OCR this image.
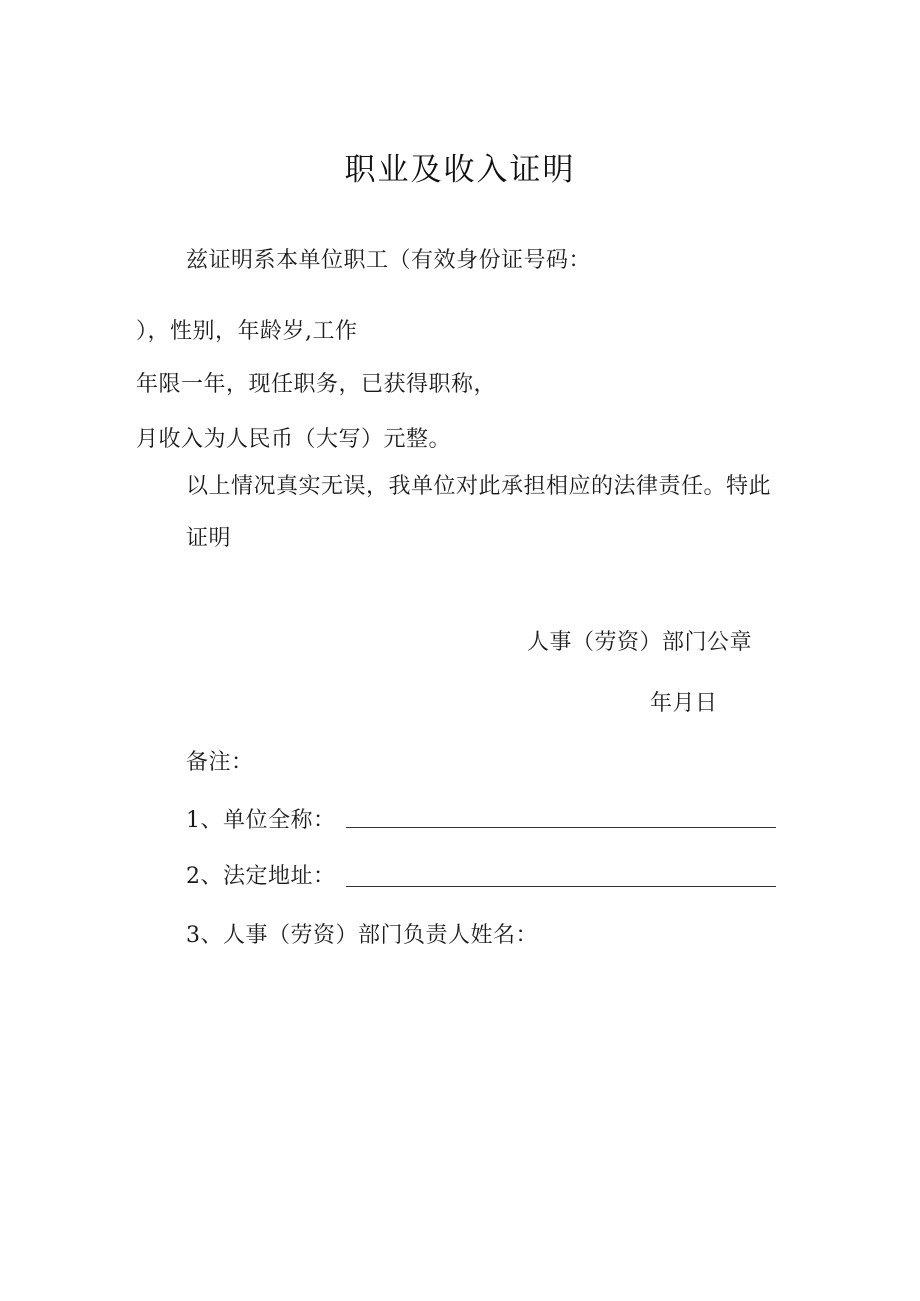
职业及收入证明
兹证明系本单位职工（有效身份证号码：
），性别，年龄岁,工作
年限一年，现任职务，已获得职称，
月收入为人民币（大写）元整。
以上情况真实无误，我单位对此承担相应的法律责任。特此
证明
人事（劳资）部门公章
年月日
备注：
1、单位全称：
2、法定地址：
3、人事（劳资）部门负责人姓名：
